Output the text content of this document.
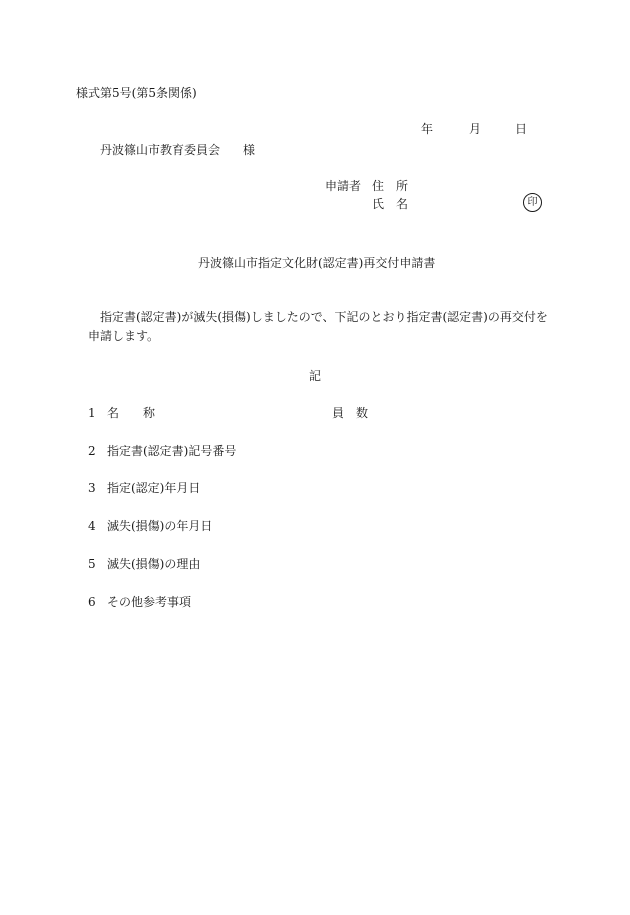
様式第5号(第5条関係)
年	月	日
丹波篠山市教育委員会 様
申請者 住　所
氏　名	印
丹波篠山市指定文化財(認定書)再交付申請書
指定書(認定書)が滅失(損傷)しましたので、下記のとおり指定書(認定書)の再交付を申請します。
記
1 名　　称	員　数
2 指定書(認定書)記号番号
3 指定(認定)年月日
4 滅失(損傷)の年月日
5 滅失(損傷)の理由
6 その他参考事項
